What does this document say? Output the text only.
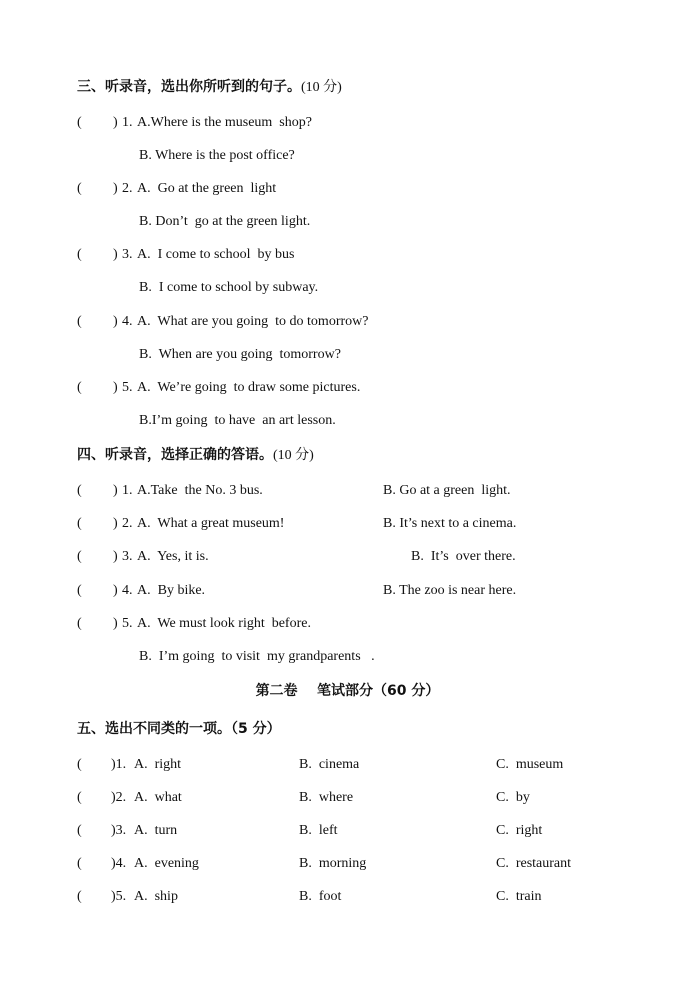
三、听录音，选出你所听到的句子。(10 分)
( ) 1. A.Where is the museum  shop?
B. Where is the post office?
( ) 2. A.  Go at the green  light
B. Don’t  go at the green light.
( ) 3. A.  I come to school  by bus
B.  I come to school by subway.
( ) 4. A.  What are you going  to do tomorrow?
B.  When are you going  tomorrow?
( ) 5. A.  We’re going  to draw some pictures.
B.I’m going  to have  an art lesson.
四、听录音，选择正确的答语。(10 分)
( ) 1. A.Take  the No. 3 bus.	B. Go at a green  light.
( ) 2. A.  What a great museum!	B. It’s next to a cinema.
( ) 3. A.  Yes, it is.	B.  It’s  over there.
( ) 4. A.  By bike.	B. The zoo is near here.
( ) 5. A.  We must look right  before.
B.  I’m going  to visit  my grandparents   .
第二卷    笔试部分（60 分）
五、选出不同类的一项。（5 分）
( )1. A.  right	B.  cinema	C.  museum
( )2. A.  what	B.  where	C.  by
( )3. A.  turn	B.  left	C.  right
( )4. A.  evening	B.  morning	C.  restaurant
( )5. A.  ship	B.  foot	C.  train
